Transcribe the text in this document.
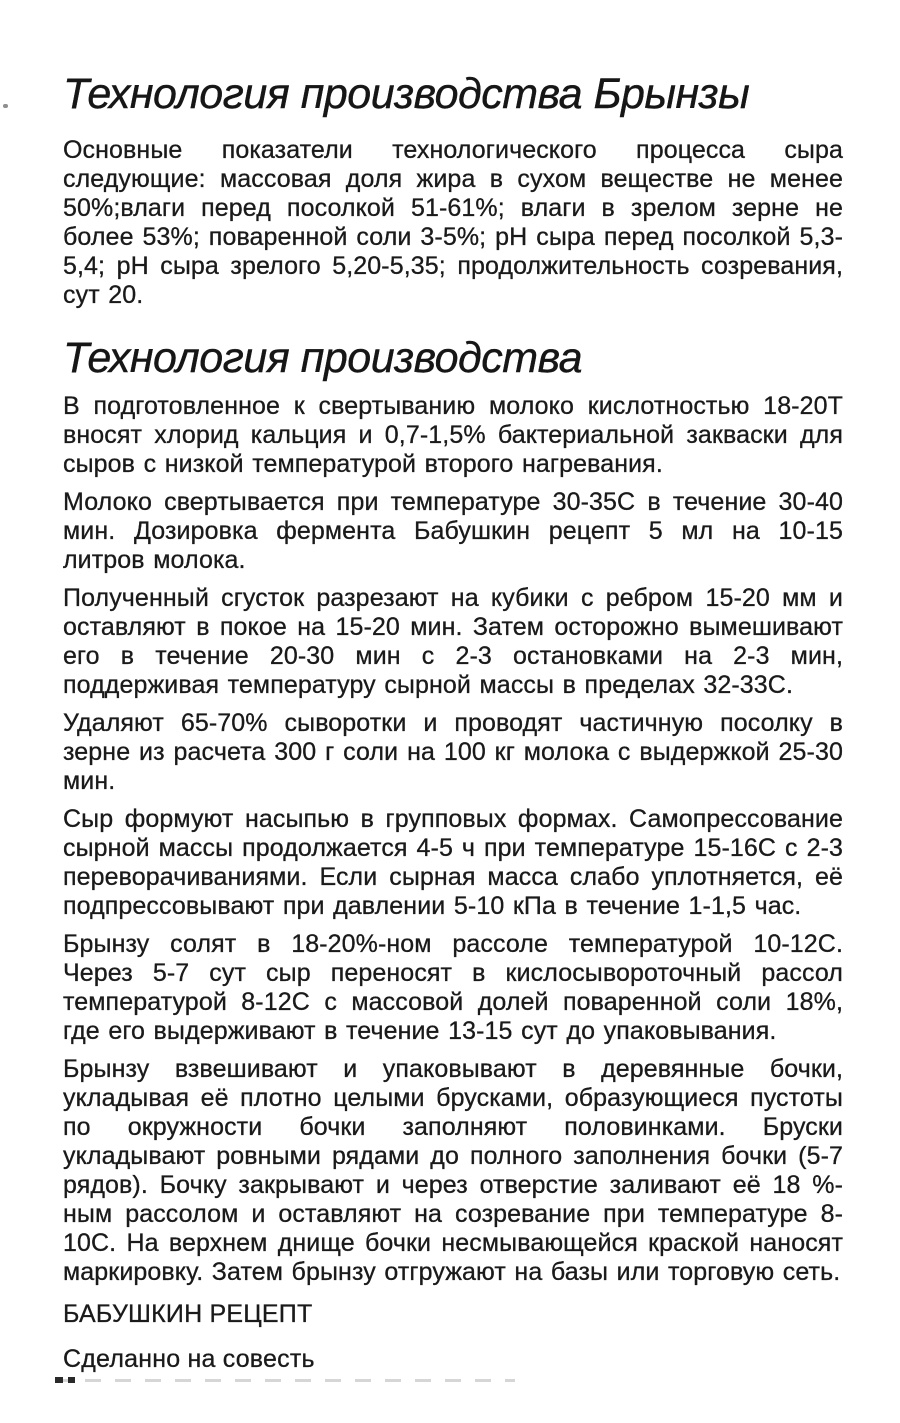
Технология производства Брынзы

Основные показатели технологического процесса сыра следующие: массовая доля жира в сухом веществе не менее 50%;влаги перед посолкой 51-61%; влаги в зрелом зерне не более 53%; поваренной соли 3-5%; рН сыра перед посолкой 5,3-5,4; рН сыра зрелого 5,20-5,35; продолжительность созревания, сут 20.

Технология производства

В подготовленное к свертыванию молоко кислотностью 18-20Т вносят хлорид кальция и 0,7-1,5% бактериальной закваски для сыров с низкой температурой второго нагревания.

Молоко свертывается при температуре 30-35С в течение 30-40 мин. Дозировка фермента Бабушкин рецепт 5 мл на 10-15 литров молока.

Полученный сгусток разрезают на кубики с ребром 15-20 мм и оставляют в покое на 15-20 мин. Затем осторожно вымешивают его в течение 20-30 мин с 2-3 остановками на 2-3 мин, поддерживая температуру сырной массы в пределах 32-33С.

Удаляют 65-70% сыворотки и проводят частичную посолку в зерне из расчета 300 г соли на 100 кг молока с выдержкой 25-30 мин.

Сыр формуют насыпью в групповых формах. Самопрессование сырной массы продолжается 4-5 ч при температуре 15-16С с 2-3 переворачиваниями. Если сырная масса слабо уплотняется, её подпрессовывают при давлении 5-10 кПа в течение 1-1,5 час.

Брынзу солят в 18-20%-ном рассоле температурой 10-12С. Через 5-7 сут сыр переносят в кислосывороточный рассол температурой 8-12С с массовой долей поваренной соли 18%, где его выдерживают в течение 13-15 сут до упаковывания.

Брынзу взвешивают и упаковывают в деревянные бочки, укладывая её плотно целыми брусками, образующиеся пустоты по окружности бочки заполняют половинками. Бруски укладывают ровными рядами до полного заполнения бочки (5-7 рядов). Бочку закрывают и через отверстие заливают её 18 %-ным рассолом и оставляют на созревание при температуре 8-10С. На верхнем днище бочки несмывающейся краской наносят маркировку. Затем брынзу отгружают на базы или торговую сеть.

БАБУШКИН РЕЦЕПТ
Сделанно на совесть
